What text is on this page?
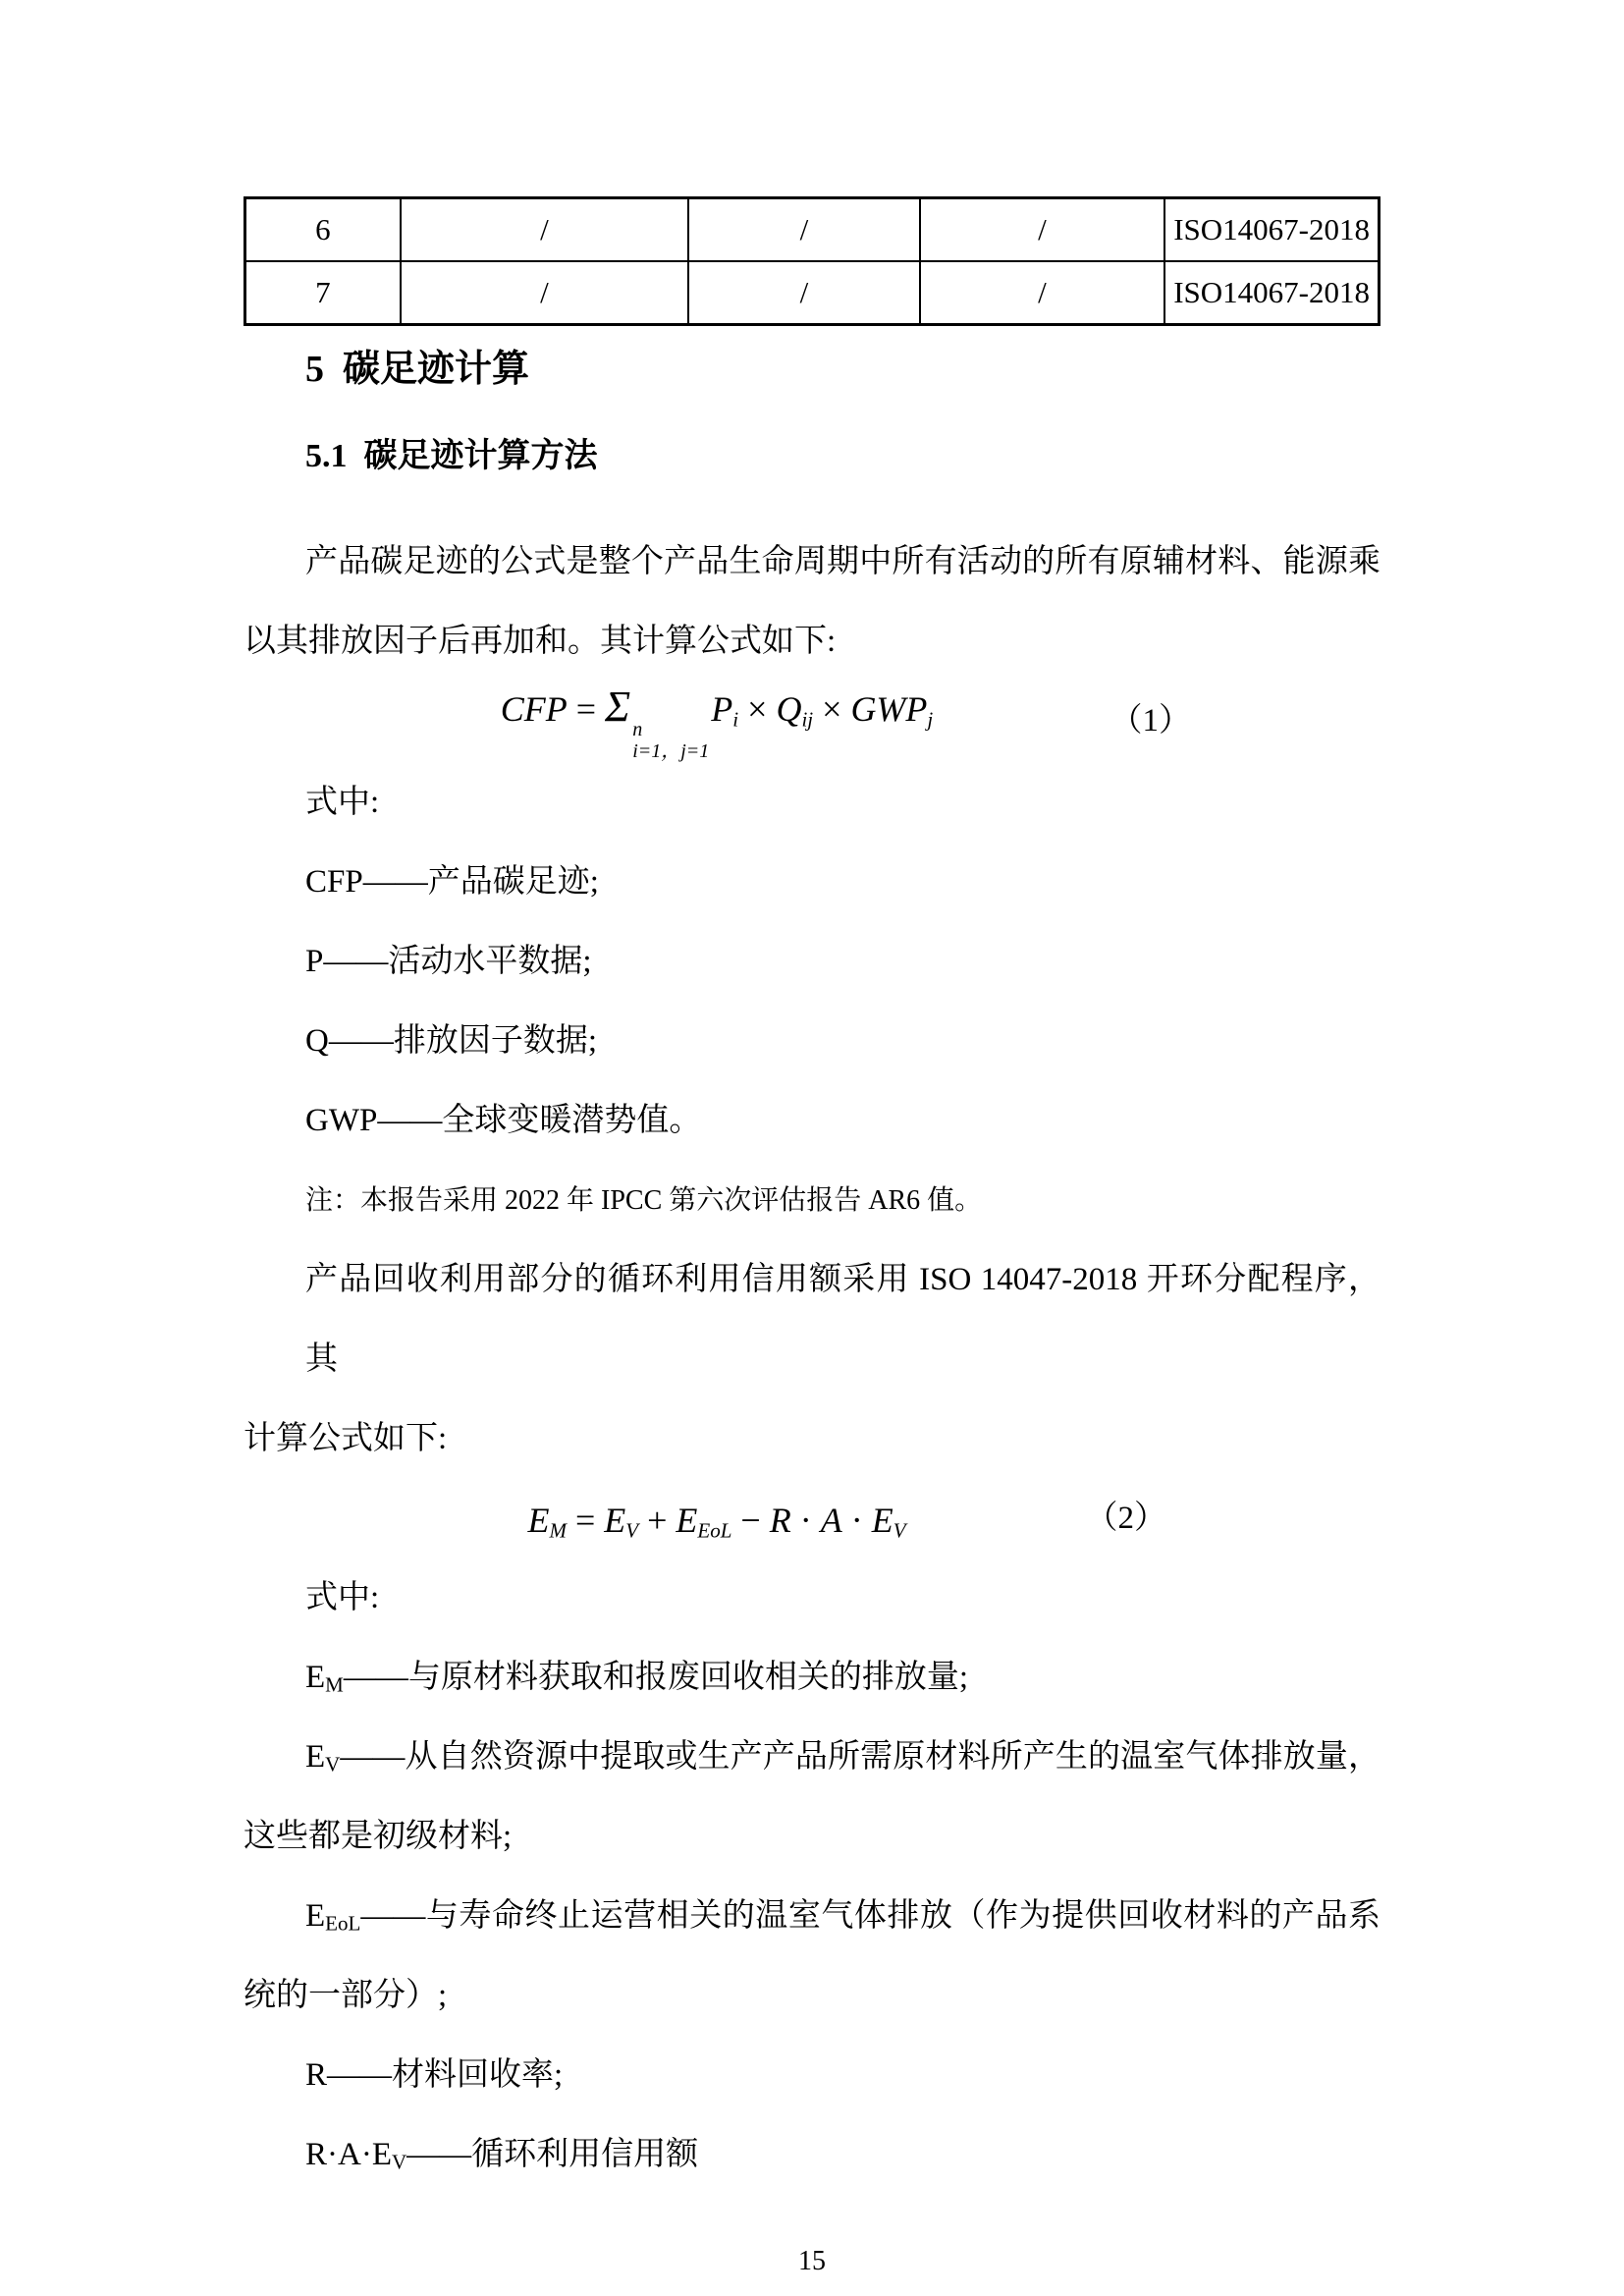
6	/	/	/	ISO14067-2018
7	/	/	/	ISO14067-2018
5  碳足迹计算
5.1  碳足迹计算方法
产品碳足迹的公式是整个产品生命周期中所有活动的所有原辅材料、能源乘
以其排放因子后再加和。其计算公式如下:
CFP = Σ n
i=1，j=1
$P_i \times Q_{ij} \times GWP_j$	（1）
式中:
CFP——产品碳足迹;
P——活动水平数据;
Q——排放因子数据;
GWP——全球变暖潜势值。
注：本报告采用 2022 年 IPCC 第六次评估报告 AR6 值。
产品回收利用部分的循环利用信用额采用 ISO 14047-2018 开环分配程序，其
计算公式如下:
$E_M = E_V + E_{EoL} - R \cdot A \cdot E_V$	（2）
式中:
$E_M——$与原材料获取和报废回收相关的排放量;
$E_V——$从自然资源中提取或生产产品所需原材料所产生的温室气体排放量，
这些都是初级材料;
$E_{EoL}——$与寿命终止运营相关的温室气体排放（作为提供回收材料的产品系
统的一部分）;
R——材料回收率;
$R\cdot A\cdot E_V——$循环利用信用额
15
